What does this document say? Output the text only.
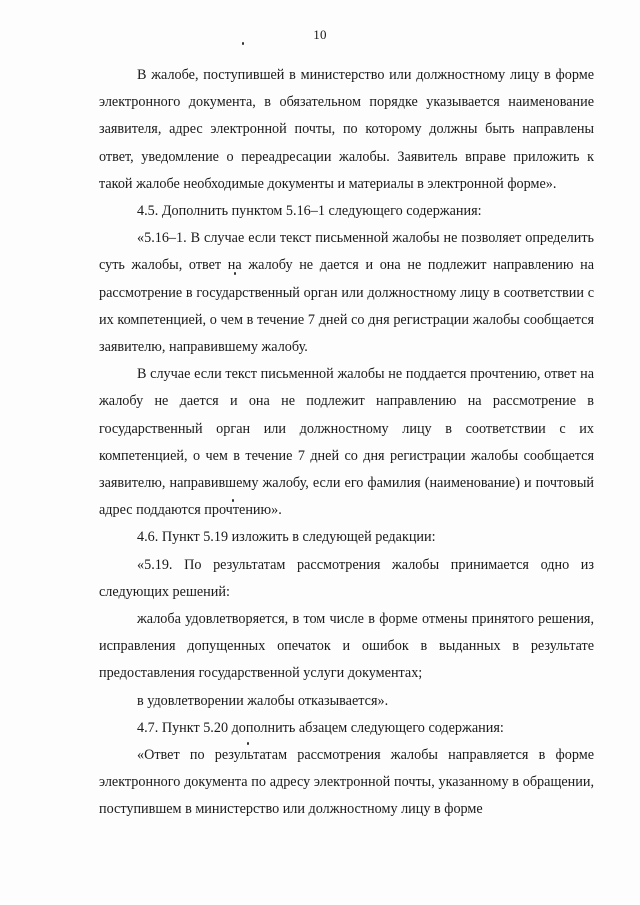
10

В жалобе, поступившей в министерство или должностному лицу в форме электронного документа, в обязательном порядке указывается наименование заявителя, адрес электронной почты, по которому должны быть направлены ответ, уведомление о переадресации жалобы. Заявитель вправе приложить к такой жалобе необходимые документы и материалы в электронной форме».

4.5. Дополнить пунктом 5.16–1 следующего содержания:

«5.16–1. В случае если текст письменной жалобы не позволяет определить суть жалобы, ответ на жалобу не дается и она не подлежит направлению на рассмотрение в государственный орган или должностному лицу в соответствии с их компетенцией, о чем в течение 7 дней со дня регистрации жалобы сообщается заявителю, направившему жалобу.

В случае если текст письменной жалобы не поддается прочтению, ответ на жалобу не дается и она не подлежит направлению на рассмотрение в государственный орган или должностному лицу в соответствии с их компетенцией, о чем в течение 7 дней со дня регистрации жалобы сообщается заявителю, направившему жалобу, если его фамилия (наименование) и почтовый адрес поддаются прочтению».

4.6. Пункт 5.19 изложить в следующей редакции:

«5.19. По результатам рассмотрения жалобы принимается одно из следующих решений:

жалоба удовлетворяется, в том числе в форме отмены принятого решения, исправления допущенных опечаток и ошибок в выданных в результате предоставления государственной услуги документах;

в удовлетворении жалобы отказывается».

4.7. Пункт 5.20 дополнить абзацем следующего содержания:

«Ответ по результатам рассмотрения жалобы направляется в форме электронного документа по адресу электронной почты, указанному в обращении, поступившем в министерство или должностному лицу в форме
